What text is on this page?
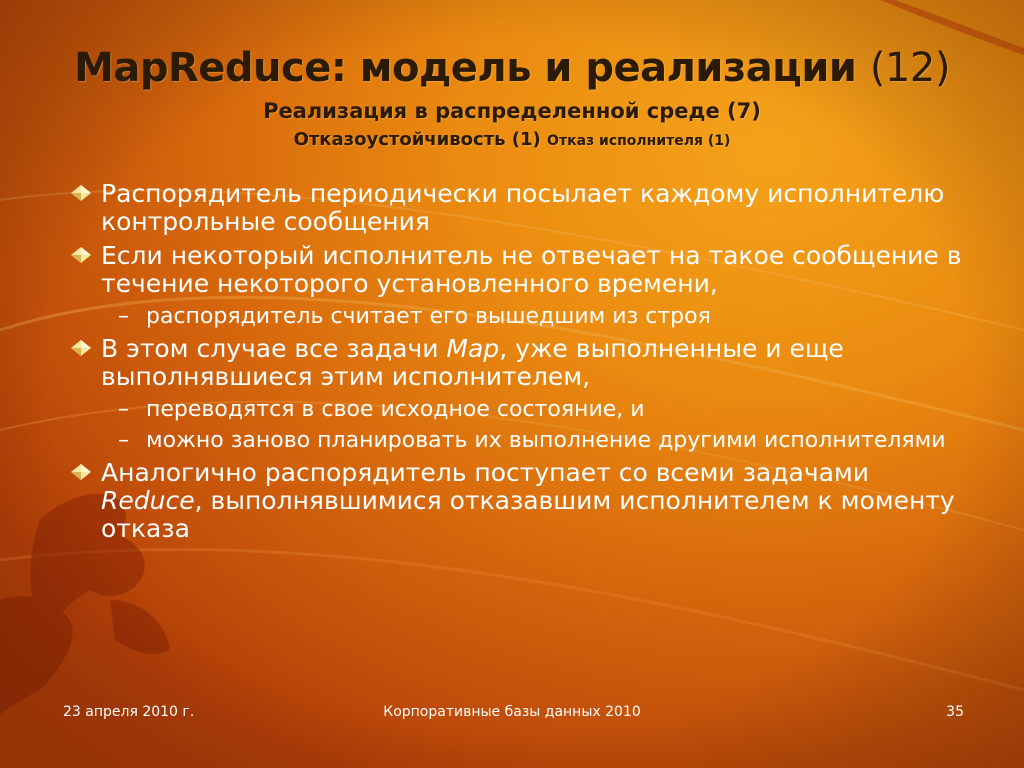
MapReduce: модель и реализации (12)
Реализация в распределенной среде (7)
Отказоустойчивость (1) Отказ исполнителя (1)
Распорядитель периодически посылает каждому исполнителю контрольные сообщения
Если некоторый исполнитель не отвечает на такое сообщение в течение некоторого установленного времени,
– распорядитель считает его вышедшим из строя
В этом случае все задачи Map, уже выполненные и еще выполнявшиеся этим исполнителем,
– переводятся в свое исходное состояние, и
– можно заново планировать их выполнение другими исполнителями
Аналогично распорядитель поступает со всеми задачами Reduce, выполнявшимися отказавшим исполнителем к моменту отказа
23 апреля 2010 г.	Корпоративные базы данных 2010	35
